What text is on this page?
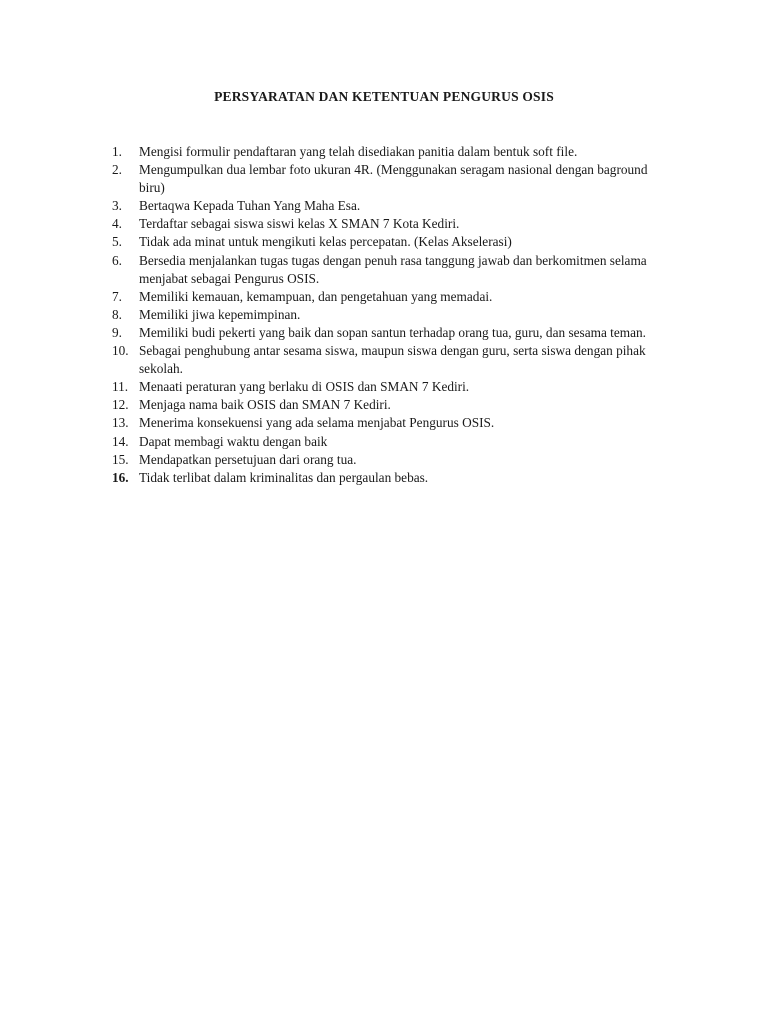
PERSYARATAN DAN KETENTUAN PENGURUS OSIS
1.	Mengisi formulir pendaftaran yang telah disediakan panitia dalam bentuk soft file.
2.	Mengumpulkan dua lembar foto ukuran 4R. (Menggunakan seragam nasional dengan baground biru)
3.	Bertaqwa Kepada Tuhan Yang Maha Esa.
4.	Terdaftar sebagai siswa siswi kelas X SMAN 7 Kota Kediri.
5.	Tidak ada minat untuk mengikuti kelas percepatan. (Kelas Akselerasi)
6.	Bersedia menjalankan tugas tugas dengan penuh rasa tanggung jawab dan berkomitmen selama menjabat sebagai Pengurus OSIS.
7.	Memiliki kemauan, kemampuan, dan pengetahuan yang memadai.
8.	Memiliki jiwa kepemimpinan.
9.	Memiliki budi pekerti yang baik dan sopan santun terhadap orang tua, guru, dan sesama teman.
10. Sebagai penghubung antar sesama siswa, maupun siswa dengan guru, serta siswa dengan pihak sekolah.
11. Menaati peraturan yang berlaku di OSIS dan SMAN 7 Kediri.
12. Menjaga nama baik OSIS dan SMAN 7 Kediri.
13. Menerima konsekuensi yang ada selama menjabat Pengurus OSIS.
14. Dapat membagi waktu dengan baik
15. Mendapatkan persetujuan dari orang tua.
16. Tidak terlibat dalam kriminalitas dan pergaulan bebas.
